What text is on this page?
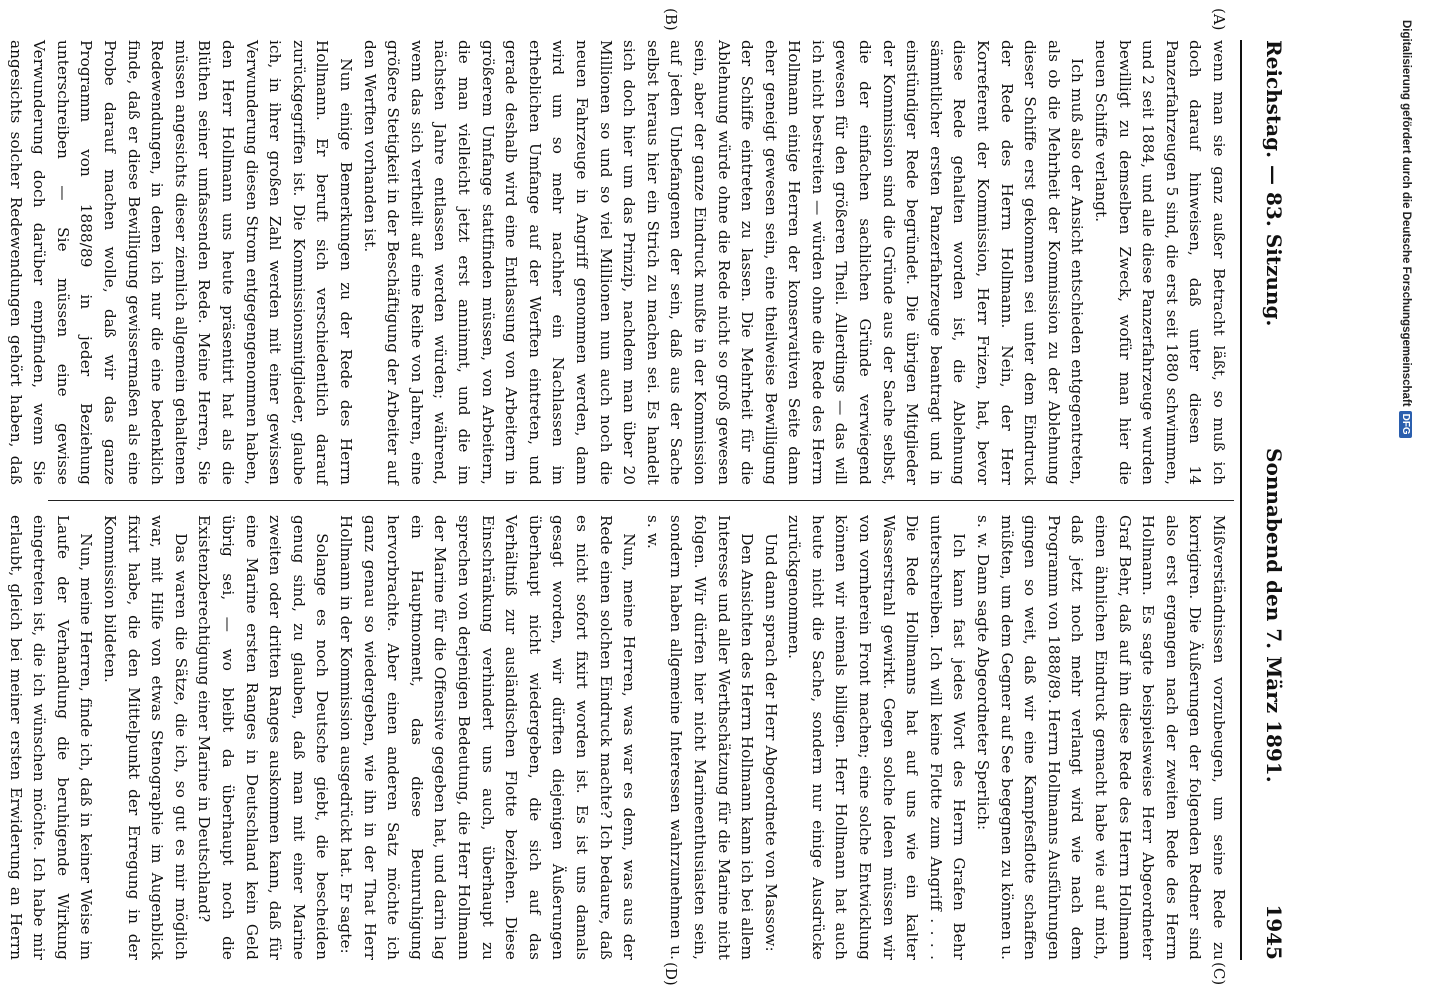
Reichstag. — 83. Sitzung.
Sonnabend den 7. März 1891.
1945
(A)
(B)
(C)
(D)

wenn man sie ganz außer Betracht läßt, so muß ich doch darauf hinweisen, daß unter diesen 14 Panzerfahrzeugen 5 sind, die erst seit 1880 schwimmen, und 2 seit 1884, und alle diese Panzerfahrzeuge wurden bewilligt zu demselben Zweck, wofür man hier die neuen Schiffe verlangt.

Ich muß also der Ansicht entschieden entgegentreten, als ob die Mehrheit der Kommission zu der Ablehnung dieser Schiffe erst gekommen sei unter dem Eindruck der Rede des Herrn Hollmann. Nein, der Herr Korreferent der Kommission, Herr Frizen, hat, bevor diese Rede gehalten worden ist, die Ablehnung sämmtlicher ersten Panzerfahrzeuge beantragt und in einstündiger Rede begründet. Die übrigen Mitglieder der Kommission sind die Gründe aus der Sache selbst, die der einfachen sachlichen Gründe verwiegend gewesen für den größeren Theil. Allerdings — das will ich nicht bestreiten — würden ohne die Rede des Herrn Hollmann einige Herren der konservativen Seite dann eher geneigt gewesen sein, eine theilweise Bewilligung der Schiffe eintreten zu lassen. Die Mehrheit für die Ablehnung würde ohne die Rede nicht so groß gewesen sein, aber der ganze Eindruck mußte in der Kommission auf jeden Unbefangenen der sein, daß aus der Sache selbst heraus hier ein Strich zu machen sei. Es handelt sich doch hier um das Prinzip, nachdem man über 20 Millionen so und so viel Millionen nun auch noch die neuen Fahrzeuge in Angriff genommen werden, dann wird um so mehr nachher ein Nachlassen im erheblichen Umfange auf der Werften eintreten, und gerade deshalb wird eine Entlassung von Arbeitern in größerem Umfange stattfinden müssen, von Arbeitern, die man vielleicht jetzt erst annimmt, und die im nächsten Jahre entlassen werden würden; während, wenn das sich vertheilt auf eine Reihe von Jahren, eine größere Stetigkeit in der Beschäftigung der Arbeiter auf den Werften vorhanden ist.

Nun einige Bemerkungen zu der Rede des Herrn Hollmann. Er beruft sich verschiedentlich darauf zurückgegriffen ist. Die Kommissionsmitglieder, glaube ich, in ihrer großen Zahl werden mit einer gewissen Verwunderung diesen Strom entgegengenommen haben, den Herr Hollmann uns heute präsentirt hat als die Blüthen seiner umfassenden Rede. Meine Herren, Sie müssen angesichts dieser ziemlich allgemein gehaltenen Redewendungen, in denen ich nur die eine bedenklich finde, daß er diese Bewilligung gewissermaßen als eine Probe darauf machen wolle, daß wir das ganze Programm von 1888/89 in jeder Beziehung unterschreiben — Sie müssen eine gewisse Verwunderung doch darüber empfinden, wenn Sie angesichts solcher Redewendungen gehört haben, daß

Mißverständnissen vorzubeugen, um seine Rede zu korrigiren. Die Äußerungen der folgenden Redner sind also erst ergangen nach der zweiten Rede des Herrn Hollmann. Es sagte beispielsweise Herr Abgeordneter Graf Behr, daß auf ihn diese Rede des Herrn Hollmann einen ähnlichen Eindruck gemacht habe wie auf mich, daß jetzt noch mehr verlangt wird wie nach dem Programm von 1888/89. Herrn Hollmanns Ausführungen gingen so weit, daß wir eine Kampfesflotte schaffen müßten, um dem Gegner auf See begegnen zu können u. s. w. Dann sagte Abgeordneter Sperlich:

Ich kann fast jedes Wort des Herrn Grafen Behr unterschreiben. Ich will keine Flotte zum Angriff . . . . Die Rede Hollmanns hat auf uns wie ein kalter Wasserstrahl gewirkt. Gegen solche Ideen müssen wir von vornherein Front machen; eine solche Entwicklung können wir niemals billigen. Herr Hollmann hat auch heute nicht die Sache, sondern nur einige Ausdrücke zurückgenommen.

Und dann sprach der Herr Abgeordnete von Massow:

Den Ansichten des Herrn Hollmann kann ich bei allem Interesse und aller Werthschätzung für die Marine nicht folgen. Wir dürfen hier nicht Marineenthusiasten sein, sondern haben allgemeine Interessen wahrzunehmen u. s. w.

Nun, meine Herren, was war es denn, was aus der Rede einen solchen Eindruck machte? Ich bedaure, daß es nicht sofort fixirt worden ist. Es ist uns damals gesagt worden, wir dürften diejenigen Äußerungen überhaupt nicht wiedergeben, die sich auf das Verhältniß zur ausländischen Flotte beziehen. Diese Einschränkung verhindert uns auch, überhaupt zu sprechen von derjenigen Bedeutung, die Herr Hollmann der Marine für die Offensive gegeben hat, und darin lag ein Hauptmoment, das diese Beunruhigung hervorbrachte. Aber einen anderen Satz möchte ich ganz genau so wiedergeben, wie ihn in der That Herr Hollmann in der Kommission ausgedrückt hat. Er sagte:

Solange es noch Deutsche giebt, die bescheiden genug sind, zu glauben, daß man mit einer Marine zweiten oder dritten Ranges auskommen kann, daß für eine Marine ersten Ranges in Deutschland kein Geld übrig sei, — wo bleibt da überhaupt noch die Existenzberechtigung einer Marine in Deutschland?

Das waren die Sätze, die ich, so gut es mir möglich war, mit Hilfe von etwas Stenographie im Augenblick fixirt habe, die den Mittelpunkt der Erregung in der Kommission bildeten.

Nun, meine Herren, finde ich, daß in keiner Weise im Laufe der Verhandlung die beruhigende Wirkung eingetreten ist, die ich wünschen möchte. Ich habe mir erlaubt, gleich bei meiner ersten Erwiderung an Herrn

Digitalisierung gefördert durch die Deutsche Forschungsgemeinschaft
DFG
